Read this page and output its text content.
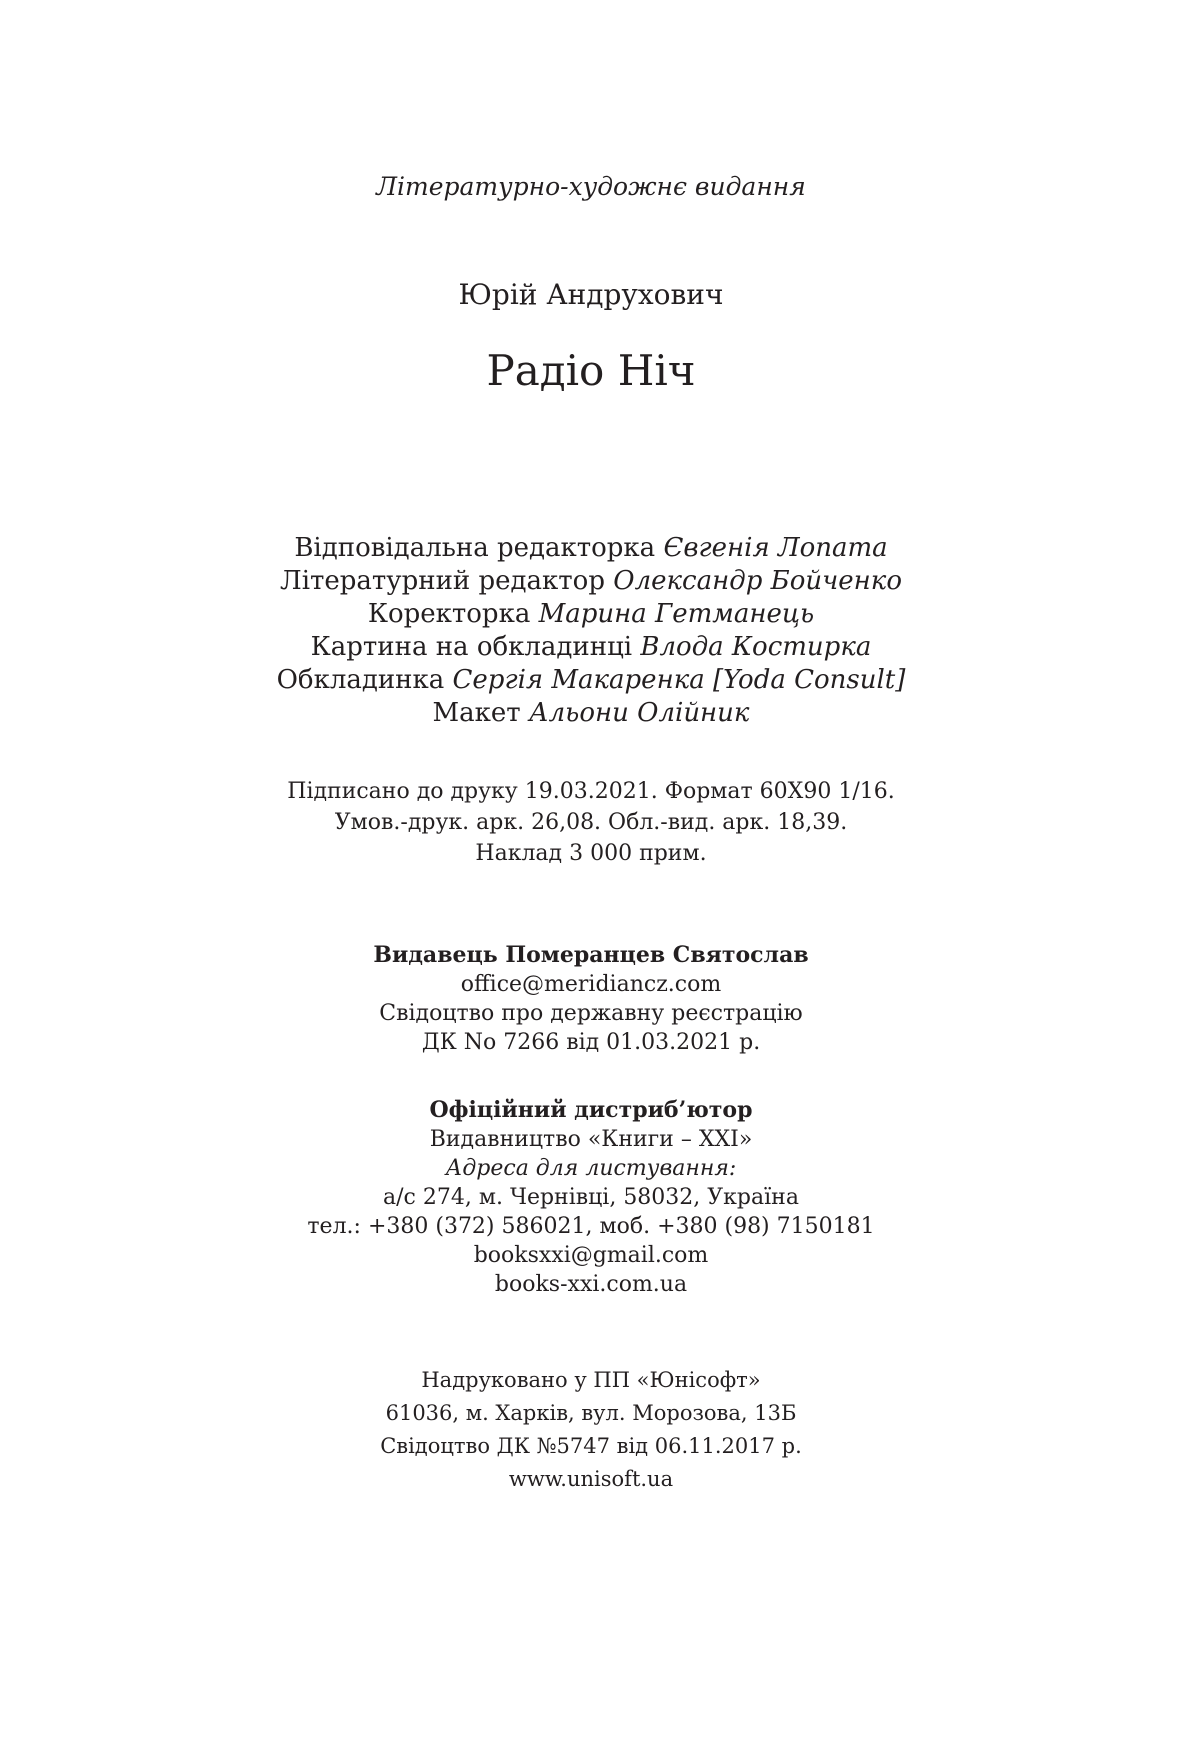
Літературно-художнє видання
Юрій Андрухович
Радіо Ніч
Відповідальна редакторка Євгенія Лопата
Літературний редактор Олександр Бойченко
Коректорка Марина Гетманець
Картина на обкладинці Влода Костирка
Обкладинка Сергія Макаренка [Yoda Consult]
Макет Альони Олійник
Підписано до друку 19.03.2021. Формат 60Х90 1/16.
Умов.-друк. арк. 26,08. Обл.-вид. арк. 18,39.
Наклад 3 000 прим.
Видавець Померанцев Святослав
office@meridiancz.com
Свідоцтво про державну реєстрацію
ДК No 7266 від 01.03.2021 р.
Офіційний дистриб’ютор
Видавництво «Книги – XXI»
Адреса для листування:
а/с 274, м. Чернівці, 58032, Україна
тел.: +380 (372) 586021, моб. +380 (98) 7150181
booksxxi@gmail.com
books-xxi.com.ua
Надруковано у ПП «Юнісофт»
61036, м. Харків, вул. Морозова, 13Б
Свідоцтво ДК №5747 від 06.11.2017 р.
www.unisoft.ua
